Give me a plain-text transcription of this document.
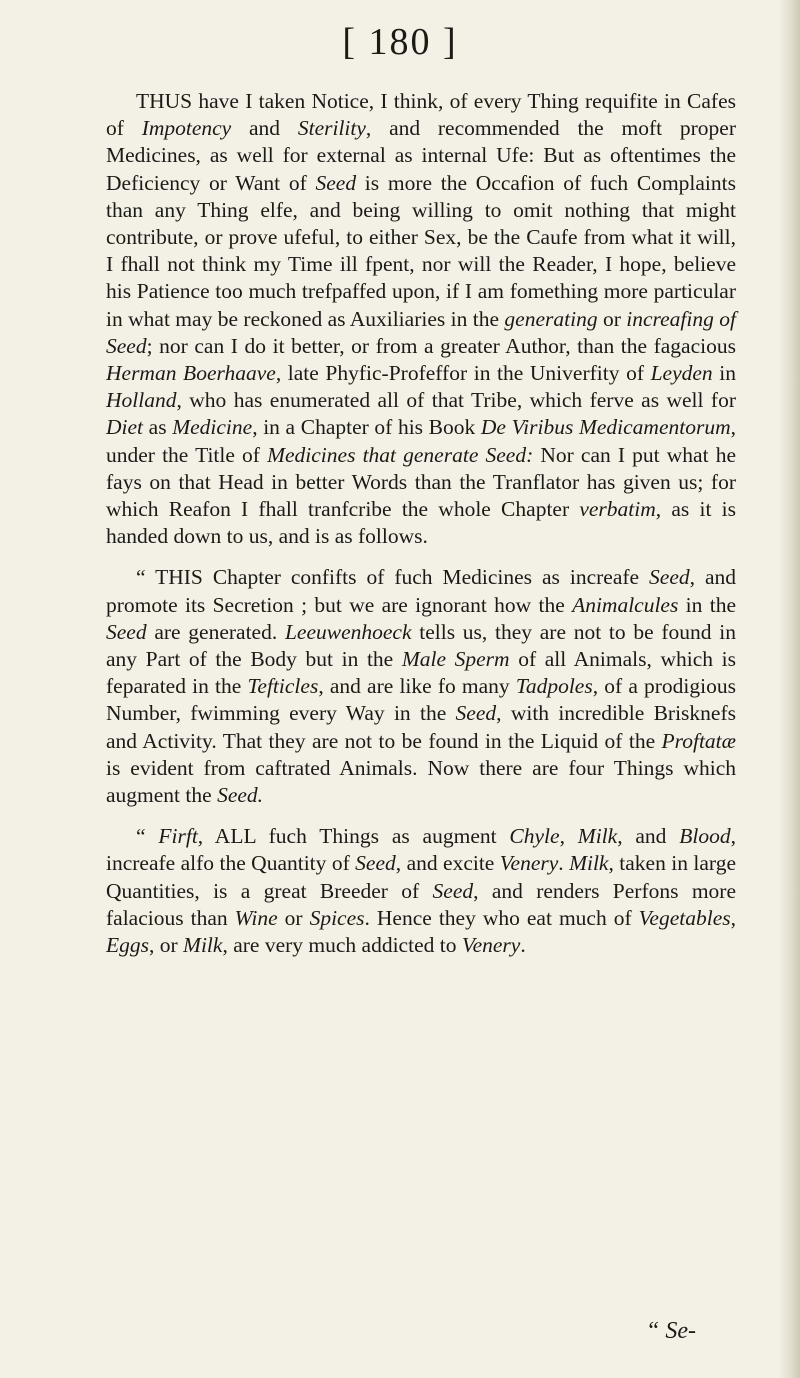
[ 180 ]

THUS have I taken Notice, I think, of every Thing requifite in Cafes of Impotency and Sterility, and recommended the moft proper Medicines, as well for external as internal Ufe: But as oftentimes the Deficiency or Want of Seed is more the Occafion of fuch Complaints than any Thing elfe, and being willing to omit nothing that might contribute, or prove ufeful, to either Sex, be the Caufe from what it will, I fhall not think my Time ill fpent, nor will the Reader, I hope, believe his Patience too much trefpaffed upon, if I am fomething more particular in what may be reckoned as Auxiliaries in the generating or increafing of Seed; nor can I do it better, or from a greater Author, than the fagacious Herman Boerhaave, late Phyfic-Profeffor in the Univerfity of Leyden in Holland, who has enumerated all of that Tribe, which ferve as well for Diet as Medicine, in a Chapter of his Book De Viribus Medicamentorum, under the Title of Medicines that generate Seed: Nor can I put what he fays on that Head in better Words than the Tranflator has given us; for which Reafon I fhall tranfcribe the whole Chapter verbatim, as it is handed down to us, and is as follows.

“ THIS Chapter confifts of fuch Medicines as increafe Seed, and promote its Secretion ; but we are ignorant how the Animalcules in the Seed are generated. Leeuwenhoeck tells us, they are not to be found in any Part of the Body but in the Male Sperm of all Animals, which is feparated in the Tefticles, and are like fo many Tadpoles, of a prodigious Number, fwimming every Way in the Seed, with incredible Brisknefs and Activity. That they are not to be found in the Liquid of the Proftatæ is evident from caftrated Animals. Now there are four Things which augment the Seed.

“ Firft, ALL fuch Things as augment Chyle, Milk, and Blood, increafe alfo the Quantity of Seed, and excite Venery. Milk, taken in large Quantities, is a great Breeder of Seed, and renders Perfons more falacious than Wine or Spices. Hence they who eat much of Vegetables, Eggs, or Milk, are very much addicted to Venery.

“ Se-
